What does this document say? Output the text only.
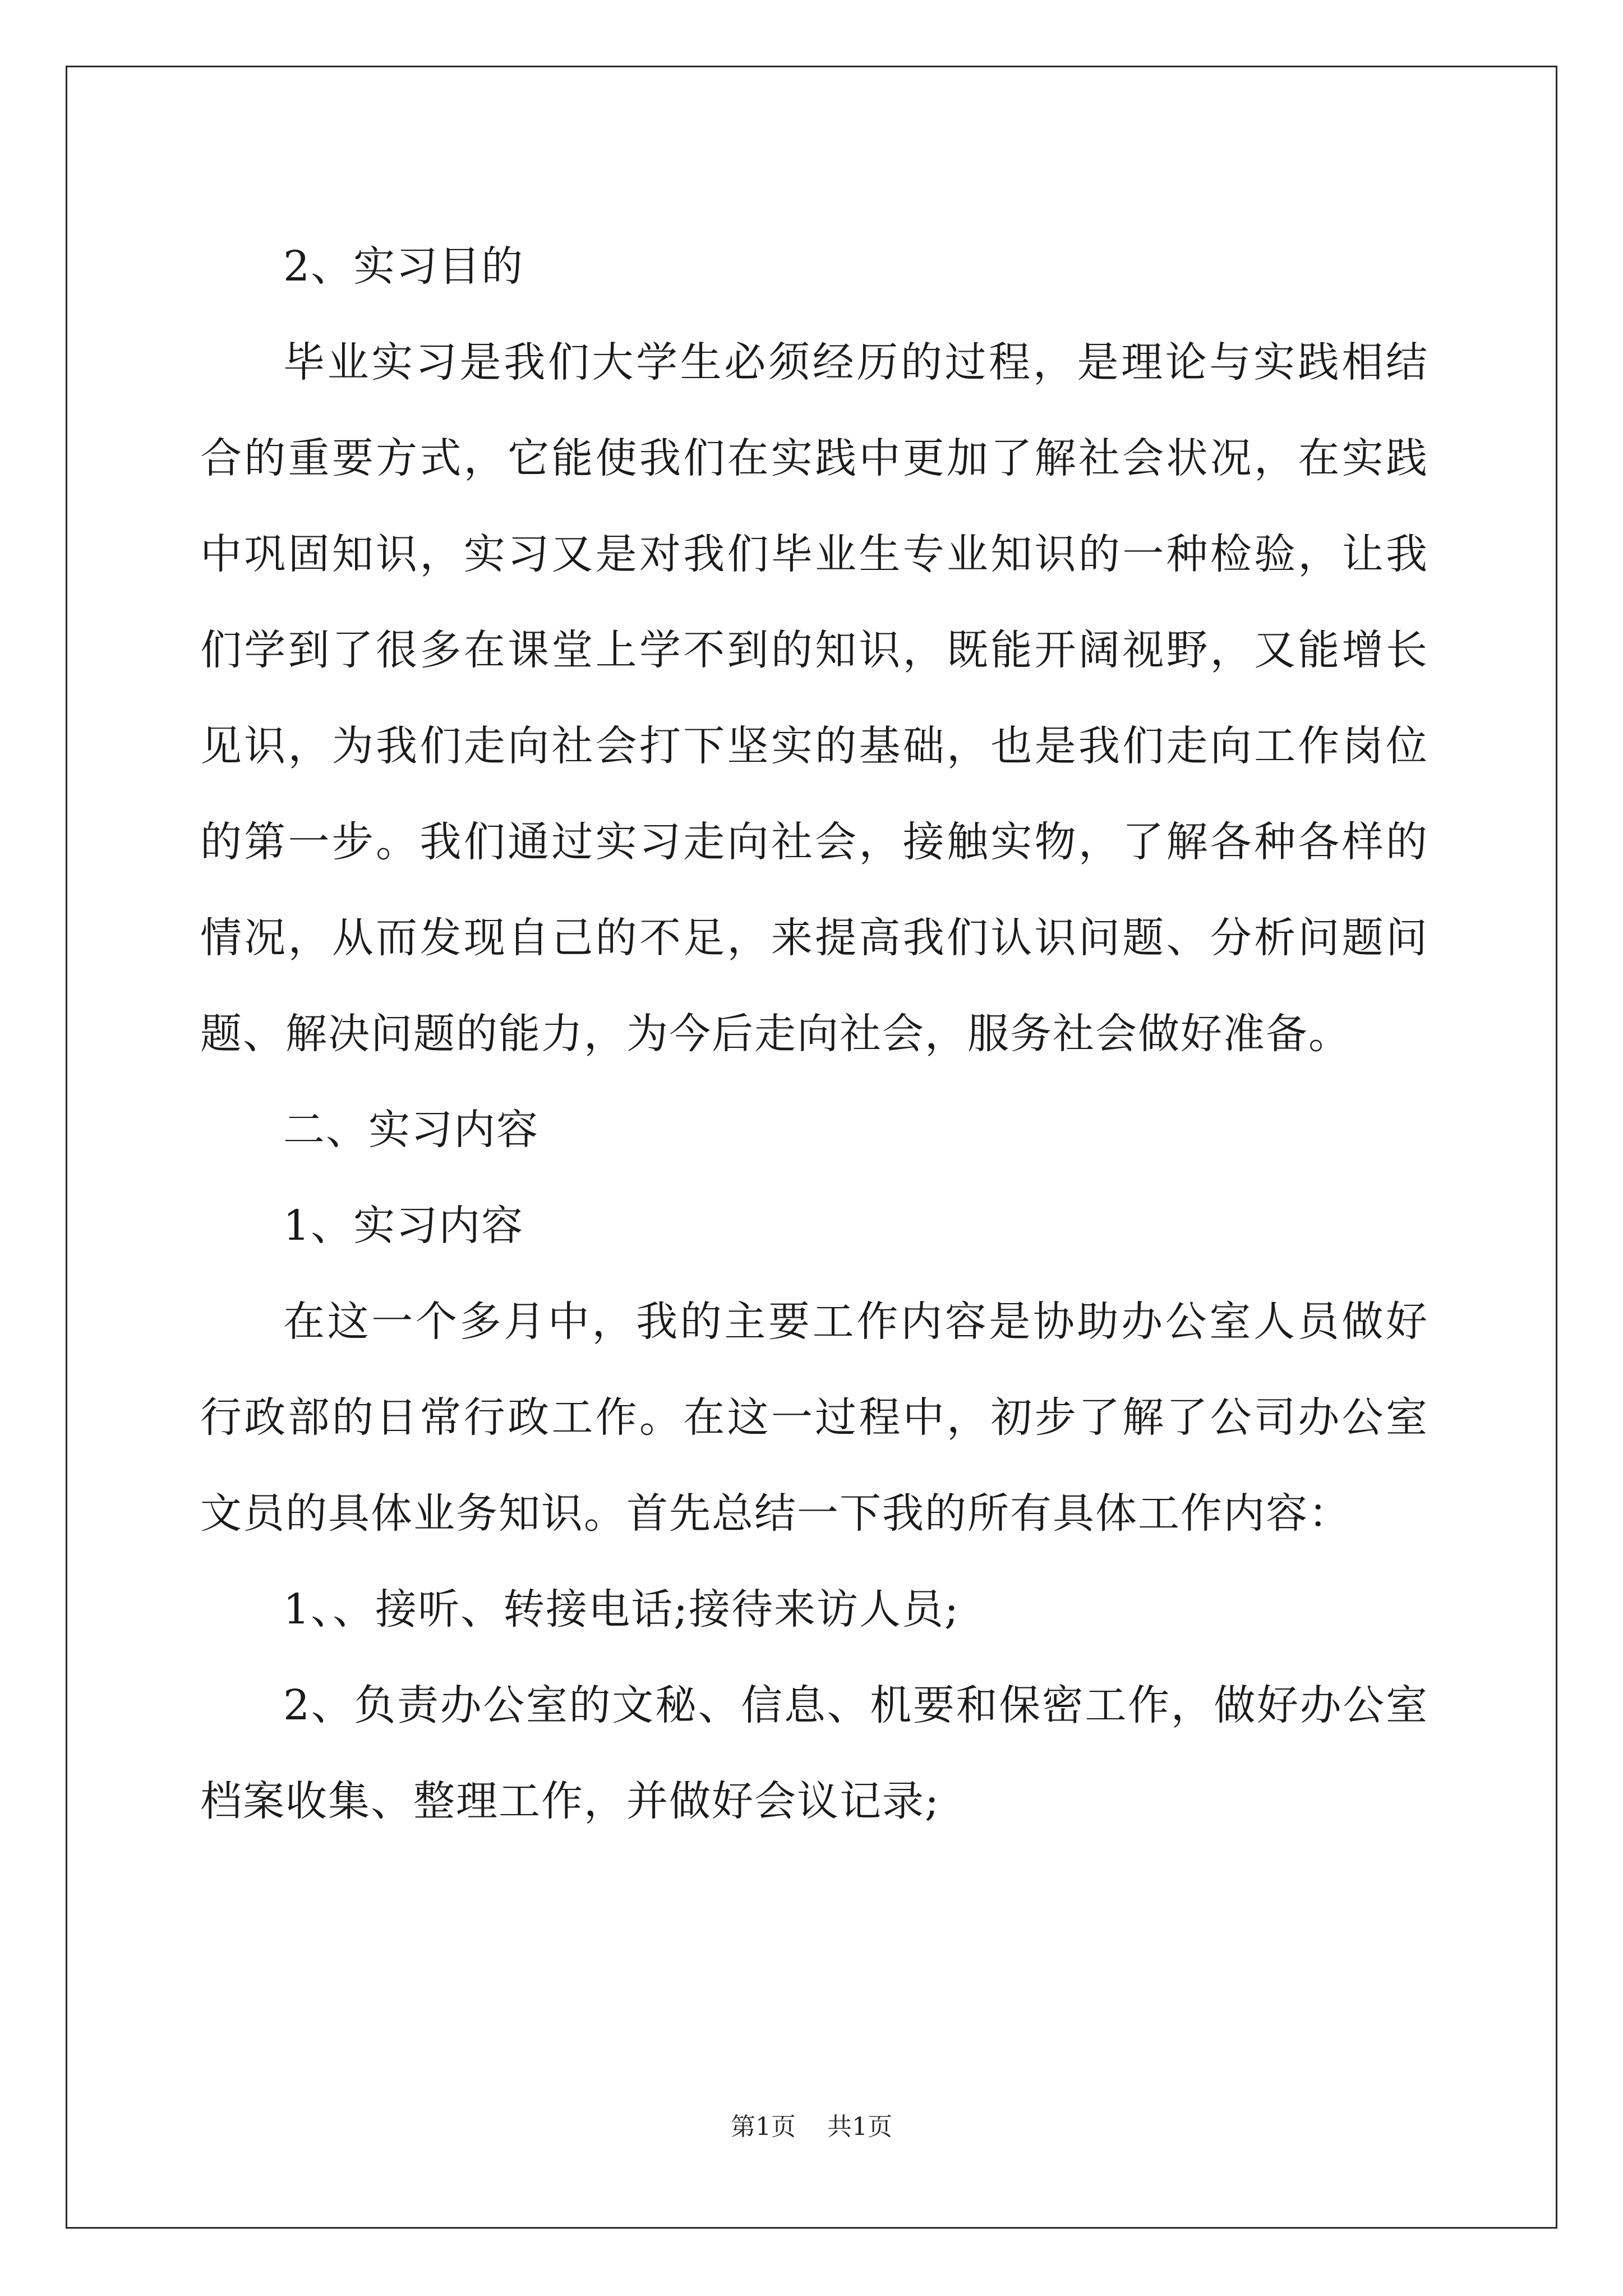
2、实习目的

毕业实习是我们大学生必须经历的过程，是理论与实践相结合的重要方式，它能使我们在实践中更加了解社会状况，在实践中巩固知识，实习又是对我们毕业生专业知识的一种检验，让我们学到了很多在课堂上学不到的知识，既能开阔视野，又能增长见识，为我们走向社会打下坚实的基础，也是我们走向工作岗位的第一步。我们通过实习走向社会，接触实物，了解各种各样的情况，从而发现自己的不足，来提高我们认识问题、分析问题问题、解决问题的能力，为今后走向社会，服务社会做好准备。

二、实习内容

1、实习内容

在这一个多月中，我的主要工作内容是协助办公室人员做好行政部的日常行政工作。在这一过程中，初步了解了公司办公室文员的具体业务知识。首先总结一下我的所有具体工作内容：

1、、接听、转接电话;接待来访人员;

2、负责办公室的文秘、信息、机要和保密工作，做好办公室档案收集、整理工作，并做好会议记录;

第1页 共1页
